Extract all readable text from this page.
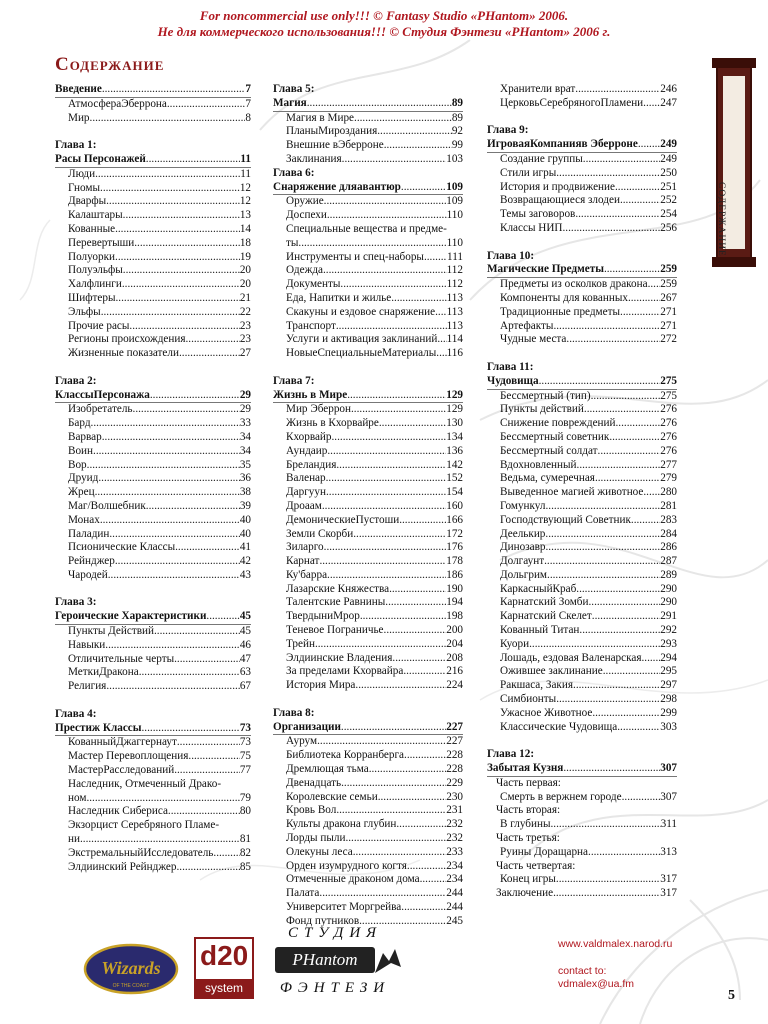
For noncommercial use only!!! © Fantasy Studio «PHantom» 2006.
Не для коммерческого использования!!! © Студия Фэнтези «PHantom» 2006 г.
Содержание
Введение .....	7
АтмосфераЭберрона .....	7
Мир .....	8
Глава 1:
Расы Персонажей .....	11
Люди .....	11
Гномы .....	12
Дварфы .....	12
Калаштары .....	13
Кованные .....	14
Перевертыши .....	18
Полуорки .....	19
Полуэльфы .....	20
Халфлинги .....	20
Шифтеры .....	21
Эльфы .....	22
Прочие расы .....	23
Регионы происхождения .....	23
Жизненные показатели .....	27
Глава 2:
КлассыПерсонажа .....	29
Изобретатель .....	29
Бард .....	33
Варвар .....	34
Воин .....	34
Вор .....	35
Друид .....	36
Жрец .....	38
Маг/Волшебник .....	39
Монах .....	40
Паладин .....	40
Псионические Классы .....	41
Рейнджер .....	42
Чародей .....	43
Глава 3:
Героические Характеристики .....	45
Пункты Действий .....	45
Навыки .....	46
Отличительные черты .....	47
МеткиДракона .....	63
Религия .....	67
Глава 4:
Престиж Классы .....	73
КованныйДжаггернаут .....	73
Мастер Перевоплощения .....	75
МастерРасследований .....	77
Наследник, Отмеченный Драко-
ном .....	79
Наследник Сибериса .....	80
Экзорцист Серебряного Пламе-
ни .....	81
ЭкстремальныйИсследователь ..... 82
Элдиинский Рейнджер .....	85
Глава 5:
Магия .....	89
Магия в Мире .....	89
ПланыМироздания .....	92
Внешние вЭберроне .....	99
Заклинания .....	103
Глава 6:
Снаряжение дляавантюр .....	109
Оружие .....	109
Доспехи .....	110
Специальные вещества и предме-
ты .....	110
Инструменты и спец-наборы ..... 111
Одежда .....	112
Документы .....	112
Еда, Напитки и жилье .....	113
Скакуны и ездовое снаряжение ..... 113
Транспорт .....	113
Услуги и активация заклинаний ..... 114
НовыеСпециальныеМатериалы ..... 116
Глава 7:
Жизнь в Мире .....	129
Мир Эберрон .....	129
Жизнь в Кхорвайре .....	130
Кхорвайр .....	134
Аундаир .....	136
Бреландия .....	142
Валенар .....	152
Даргуун .....	154
Дроаам .....	160
ДемоническиеПустоши .....	166
Земли Скорби .....	172
Зиларго .....	176
Карнат .....	178
Ку'барра .....	186
Лазарские Княжества .....	190
Талентские Равнины .....	194
ТвердыниМрор .....	198
Теневое Пограничье .....	200
Трейн .....	204
Элдиинские Владения .....	208
За пределами Кхорвайра .....	216
История Мира .....	224
Глава 8:
Организации .....	227
Аурум .....	227
Библиотека Корранберга .....	228
Дремлющая тьма .....	228
Двенадцать .....	229
Королевские семьи .....	230
Кровь Вол .....	231
Культы дракона глубин .....	232
Лорды пыли .....	232
Олекуны леса .....	233
Орден изумрудного когтя .....	234
Отмеченные драконом дома ..... 234
Палата .....	244
Университет Моргрейва .....	244
Фонд путников .....	245
Хранители врат .....	246
ЦерковьСеребряногоПламени ..... 247
Глава 9:
ИгроваяКомпанияв Эберроне ..... 249
Создание группы .....	249
Стили игры .....	250
История и продвижение .....	251
Возвращающиеся злодеи .....	252
Темы заговоров .....	254
Классы НИП .....	256
Глава 10:
Магические Предметы .....	259
Предметы из осколков дракона ..... 259
Компоненты для кованных .....	267
Традиционные предметы .....	271
Артефакты .....	271
Чудные места .....	272
Глава 11:
Чудовища .....	275
Бессмертный (тип) .....	275
Пункты действий .....	276
Снижение повреждений .....	276
Бессмертный советник .....	276
Бессмертный солдат .....	276
Вдохновленный .....	277
Ведьма, сумеречная .....	279
Выведенное магией животное ..... 280
Гомункул .....	281
Господствующий Советник .....	283
Деелькир .....	284
Динозавр .....	286
Долгаунт .....	287
Дольгрим .....	289
КаркасныйКраб .....	290
Карнатский Зомби .....	290
Карнатский Скелет .....	291
Кованный Титан .....	292
Куори .....	293
Лошадь, ездовая Валенарская ..... 294
Ожившее заклинание .....	295
Ракшаса, Закия .....	297
Симбионты .....	298
Ужасное Животное .....	299
Классические Чудовища .....	303
Глава 12:
Забытая Кузня .....	307
Часть первая:
Смерть в вержнем городе .....	307
Часть вторая:
В глубины .....	311
Часть третья:
Руины Доращарна .....	313
Часть четвертая:
Конец игры .....	317
Заключение .....	317
СОДЕРЖАНИЕ
Wizards
OF THE COAST
d20
system
СТУДИЯ
PHantom
ФЭНТЕЗИ
www.valdmalex.narod.ru
contact to:
vdmalex@ua.fm
5
